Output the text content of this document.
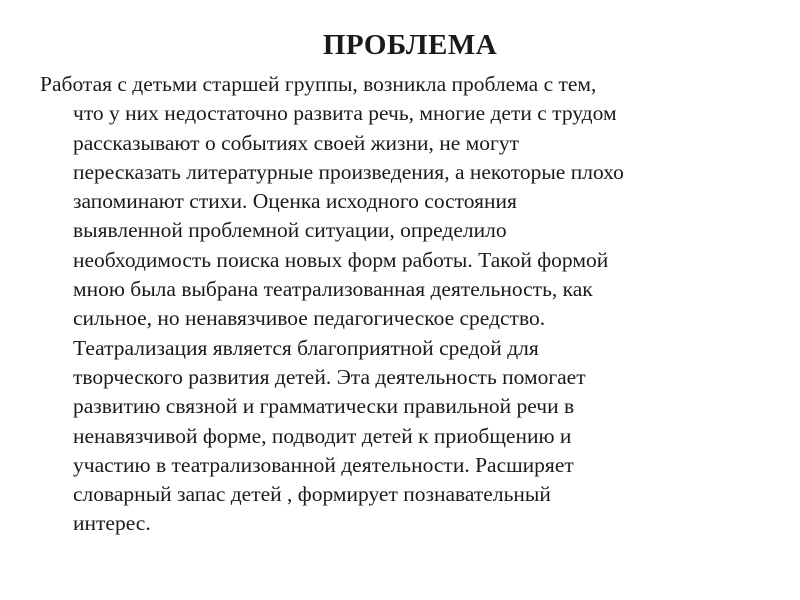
ПРОБЛЕМА
Работая с детьми старшей группы, возникла проблема с тем,
что у них недостаточно развита речь, многие дети с трудом
рассказывают о событиях своей жизни, не могут
пересказать литературные произведения, а некоторые плохо
запоминают стихи. Оценка исходного состояния
выявленной проблемной ситуации, определило
необходимость поиска новых форм работы. Такой формой
мною была выбрана театрализованная деятельность, как
сильное, но ненавязчивое педагогическое средство.
Театрализация является благоприятной средой для
творческого развития детей. Эта деятельность помогает
развитию связной и грамматически правильной речи в
ненавязчивой форме, подводит детей к приобщению и
участию в театрализованной деятельности. Расширяет
словарный запас детей , формирует познавательный
интерес.
